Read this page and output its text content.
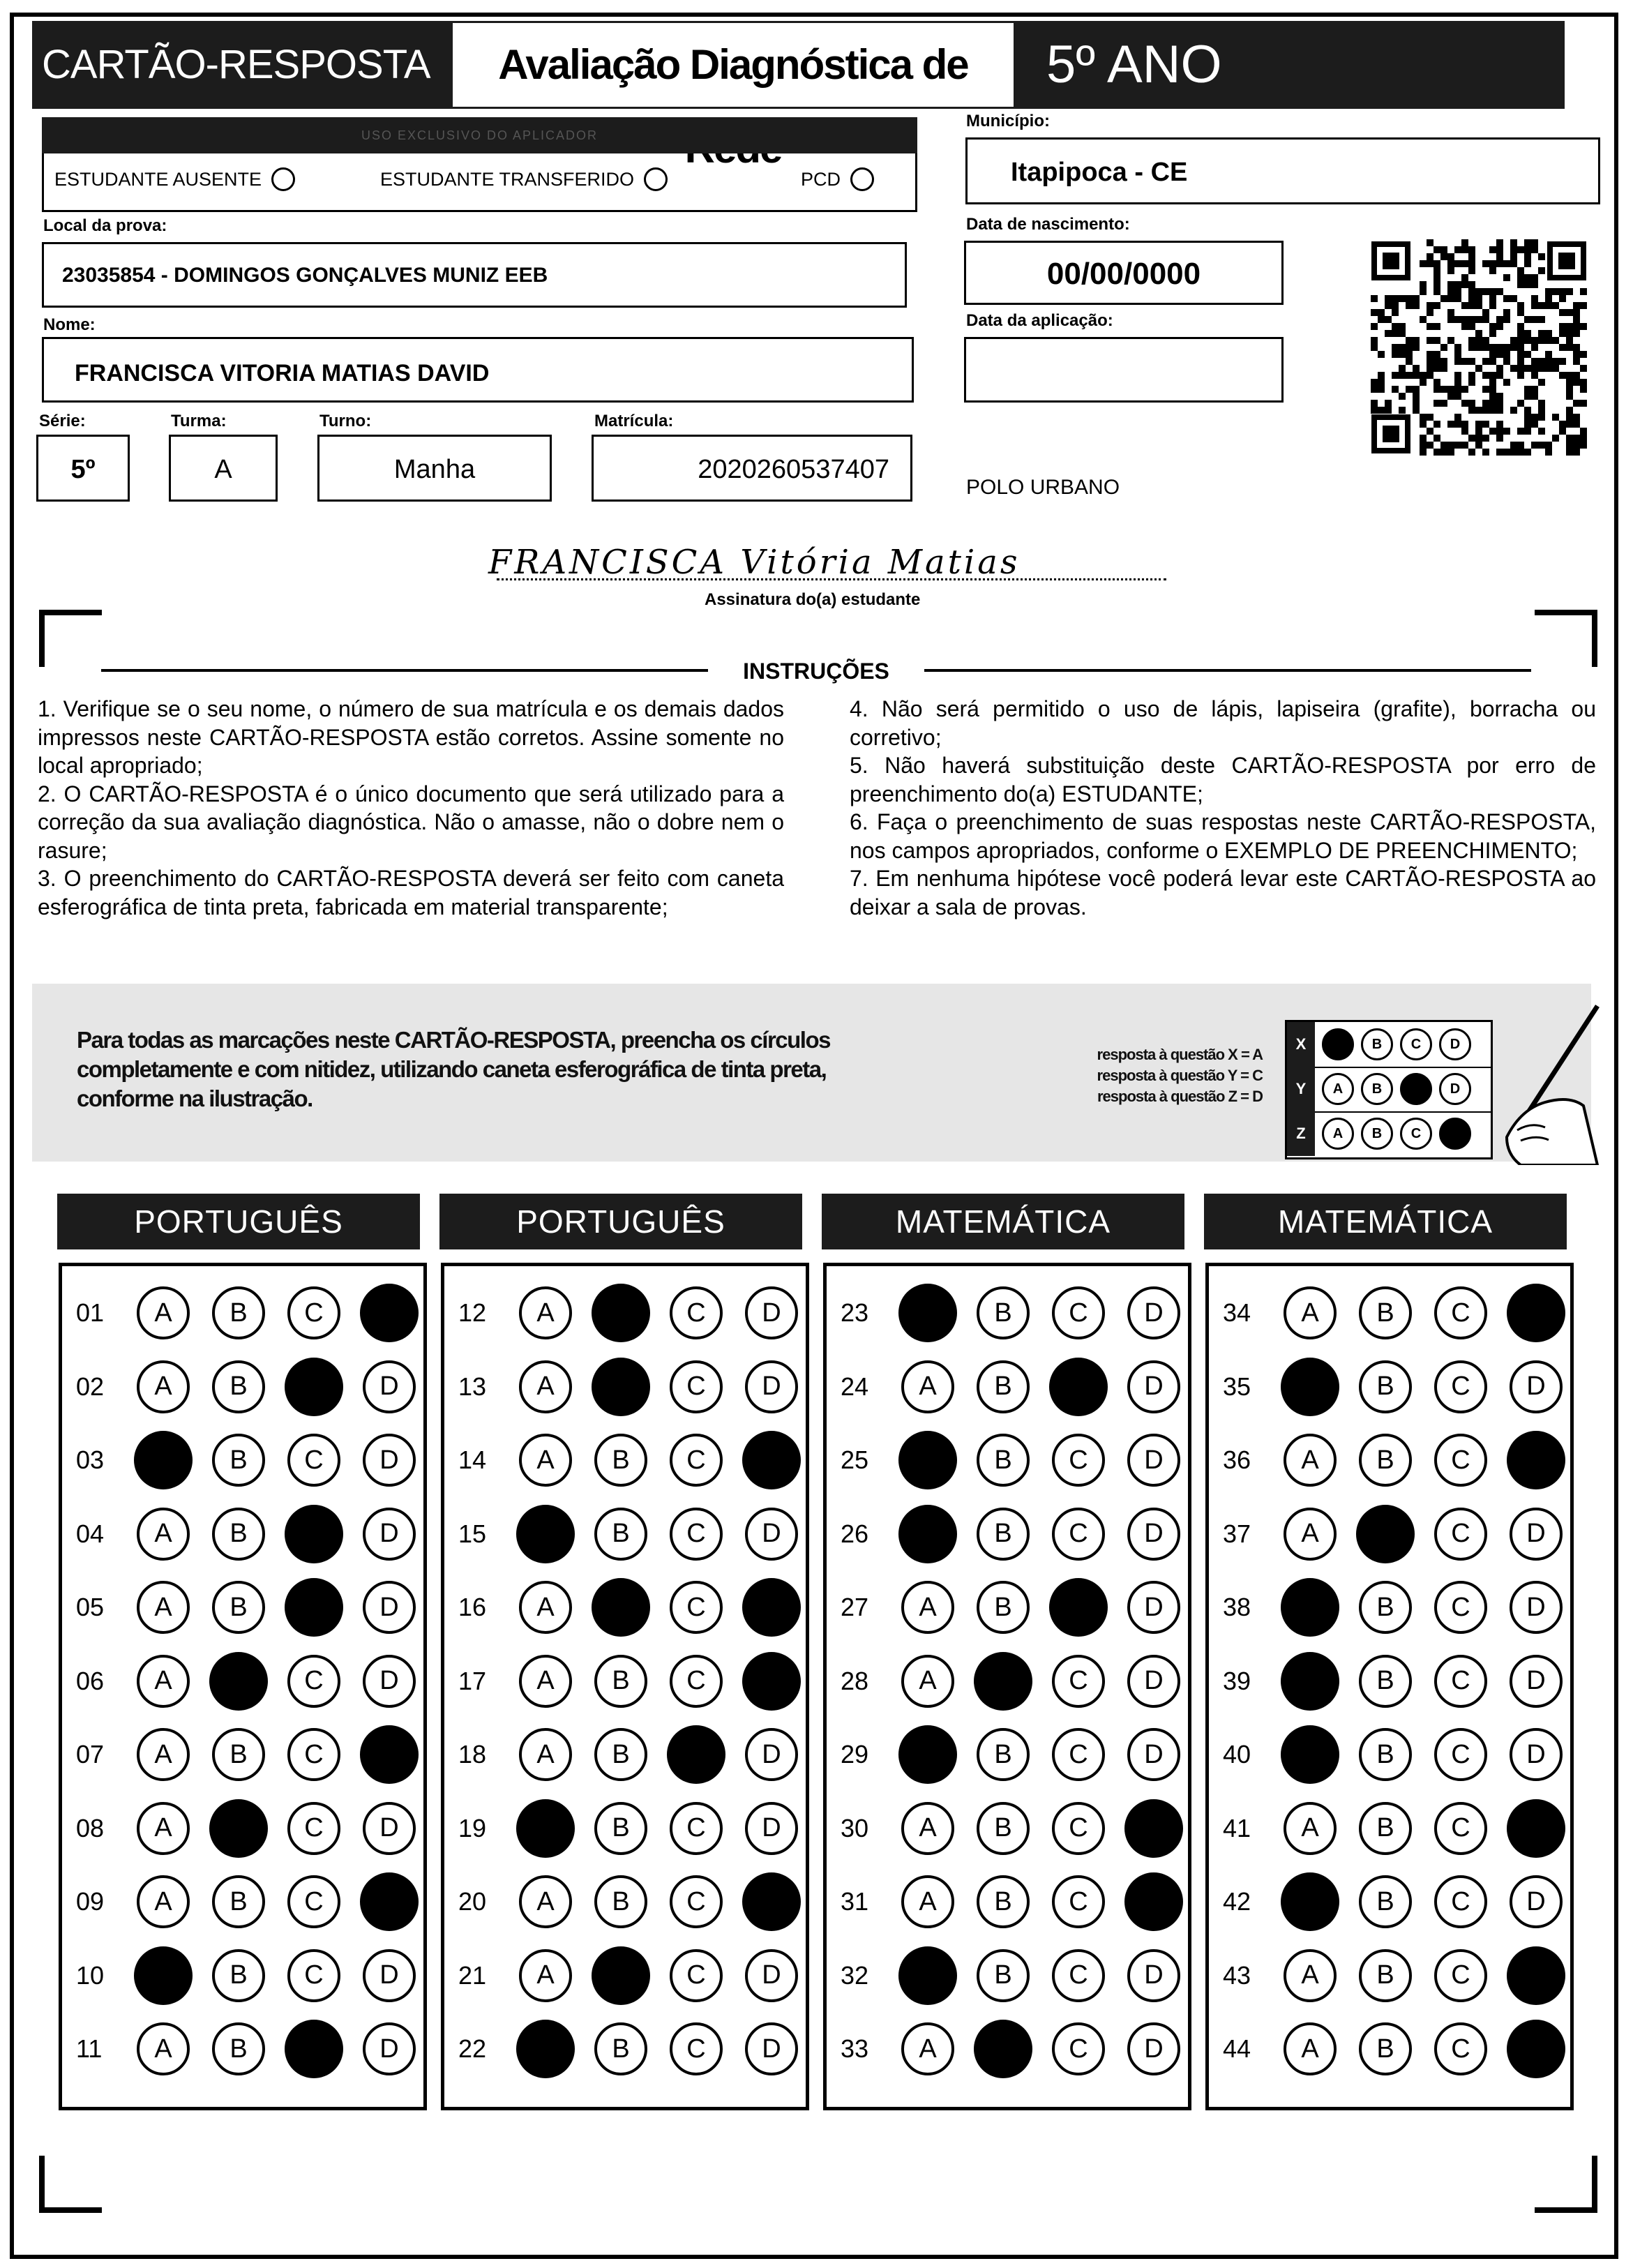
CARTÃO-RESPOSTA	Avaliação Diagnóstica de	5º ANO
USO EXCLUSIVO DO APLICADOR
ESTUDANTE AUSENTE	ESTUDANTE TRANSFERIDO	PCD
Município:
Itapipoca - CE
Local da prova:
23035854 - DOMINGOS GONÇALVES MUNIZ EEB
Data de nascimento:
00/00/0000
Nome:
FRANCISCA VITORIA MATIAS DAVID
Data da aplicação:
Série:
5º
Turma:
A
Turno:
Manha
Matrícula:
2020260537407
POLO URBANO
FRANCISCA Vitória Matias
Assinatura do(a) estudante
INSTRUÇÕES

1. Verifique se o seu nome, o número de sua matrícula e os demais dados impressos neste CARTÃO-RESPOSTA estão corretos. Assine somente no local apropriado;

2. O CARTÃO-RESPOSTA é o único documento que será utilizado para a correção da sua avaliação diagnóstica. Não o amasse, não o dobre nem o rasure;

3. O preenchimento do CARTÃO-RESPOSTA deverá ser feito com caneta esferográfica de tinta preta, fabricada em material transparente;

4. Não será permitido o uso de lápis, lapiseira (grafite), borracha ou corretivo;

5. Não haverá substituição deste CARTÃO-RESPOSTA por erro de preenchimento do(a) ESTUDANTE;

6. Faça o preenchimento de suas respostas neste CARTÃO-RESPOSTA, nos campos apropriados, conforme o EXEMPLO DE PREENCHIMENTO;

7. Em nenhuma hipótese você poderá levar este CARTÃO-RESPOSTA ao deixar a sala de provas.

Para todas as marcações neste CARTÃO-RESPOSTA, preencha os círculos completamente e com nitidez, utilizando caneta esferográfica de tinta preta, conforme na ilustração.
resposta à questão X = A
resposta à questão Y = C
resposta à questão Z = D
X	A	B	C	D
Y	A	B	C	D
Z	A	B	C	D
PORTUGUÊS	PORTUGUÊS	MATEMÁTICA	MATEMÁTICA
01	A	B	C	D
02	A	B	C	D
03	A	B	C	D
04	A	B	C	D
05	A	B	C	D
06	A	B	C	D
07	A	B	C	D
08	A	B	C	D
09	A	B	C	D
10	A	B	C	D
11	A	B	C	D
12	A	B	C	D
13	A	B	C	D
14	A	B	C	D
15	A	B	C	D
16	A	B	C	D
17	A	B	C	D
18	A	B	C	D
19	A	B	C	D
20	A	B	C	D
21	A	B	C	D
22	A	B	C	D
23	A	B	C	D
24	A	B	C	D
25	A	B	C	D
26	A	B	C	D
27	A	B	C	D
28	A	B	C	D
29	A	B	C	D
30	A	B	C	D
31	A	B	C	D
32	A	B	C	D
33	A	B	C	D
34	A	B	C	D
35	A	B	C	D
36	A	B	C	D
37	A	B	C	D
38	A	B	C	D
39	A	B	C	D
40	A	B	C	D
41	A	B	C	D
42	A	B	C	D
43	A	B	C	D
44	A	B	C	D
